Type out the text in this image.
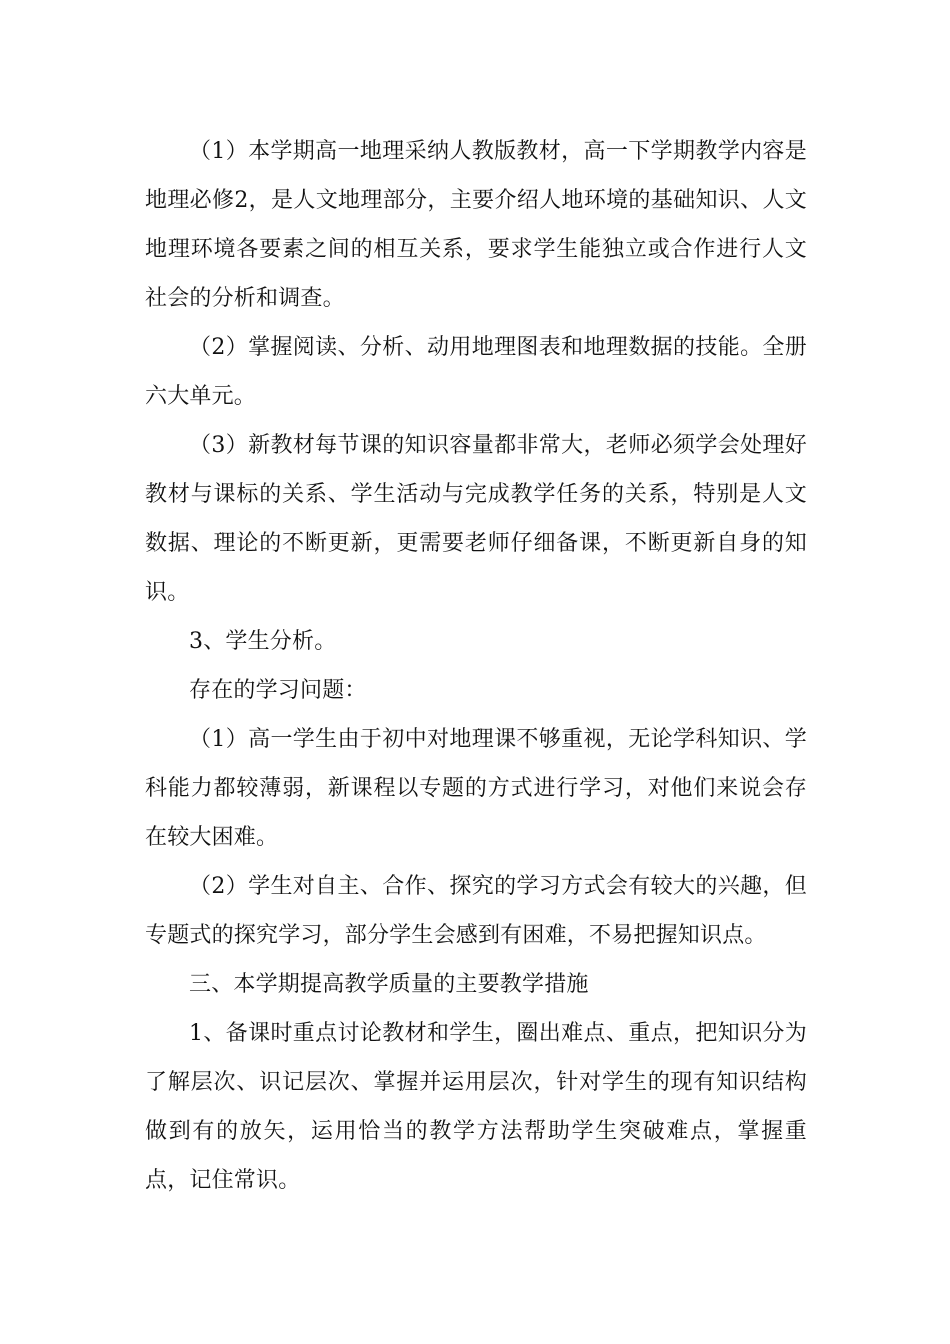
（1）本学期高一地理采纳人教版教材，高一下学期教学内容是地理必修2，是人文地理部分，主要介绍人地环境的基础知识、人文地理环境各要素之间的相互关系，要求学生能独立或合作进行人文社会的分析和调查。

（2）掌握阅读、分析、动用地理图表和地理数据的技能。全册六大单元。

（3）新教材每节课的知识容量都非常大，老师必须学会处理好教材与课标的关系、学生活动与完成教学任务的关系，特别是人文数据、理论的不断更新，更需要老师仔细备课，不断更新自身的知识。

3、学生分析。

存在的学习问题：

（1）高一学生由于初中对地理课不够重视，无论学科知识、学科能力都较薄弱，新课程以专题的方式进行学习，对他们来说会存在较大困难。

（2）学生对自主、合作、探究的学习方式会有较大的兴趣，但专题式的探究学习，部分学生会感到有困难，不易把握知识点。

三、本学期提高教学质量的主要教学措施

1、备课时重点讨论教材和学生，圈出难点、重点，把知识分为了解层次、识记层次、掌握并运用层次，针对学生的现有知识结构做到有的放矢，运用恰当的教学方法帮助学生突破难点，掌握重点，记住常识。
